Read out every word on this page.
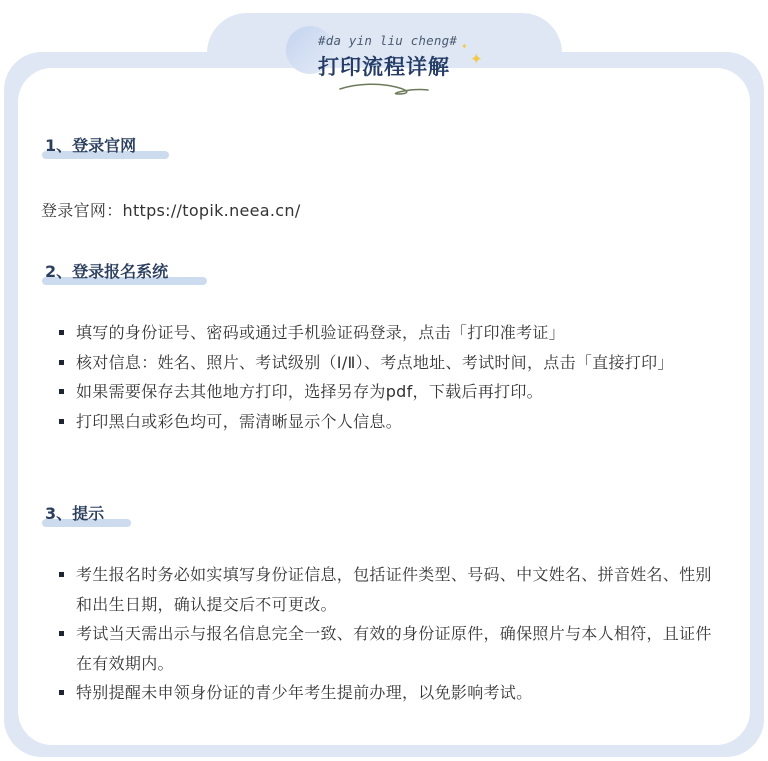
#da yin liu cheng#
打印流程详解
✦
✦
1、登录官网
登录官网：https://topik.neea.cn/
2、登录报名系统
填写的身份证号、密码或通过手机验证码登录，点击「打印准考证」
核对信息：姓名、照片、考试级别（Ⅰ/Ⅱ）、考点地址、考试时间，点击「直接打印」
如果需要保存去其他地方打印，选择另存为pdf，下载后再打印。
打印黑白或彩色均可，需清晰显示个人信息。
3、提示
考生报名时务必如实填写身份证信息，包括证件类型、号码、中文姓名、拼音姓名、性别和出生日期，确认提交后不可更改。
考试当天需出示与报名信息完全一致、有效的身份证原件，确保照片与本人相符，且证件在有效期内。
特别提醒未申领身份证的青少年考生提前办理，以免影响考试。
